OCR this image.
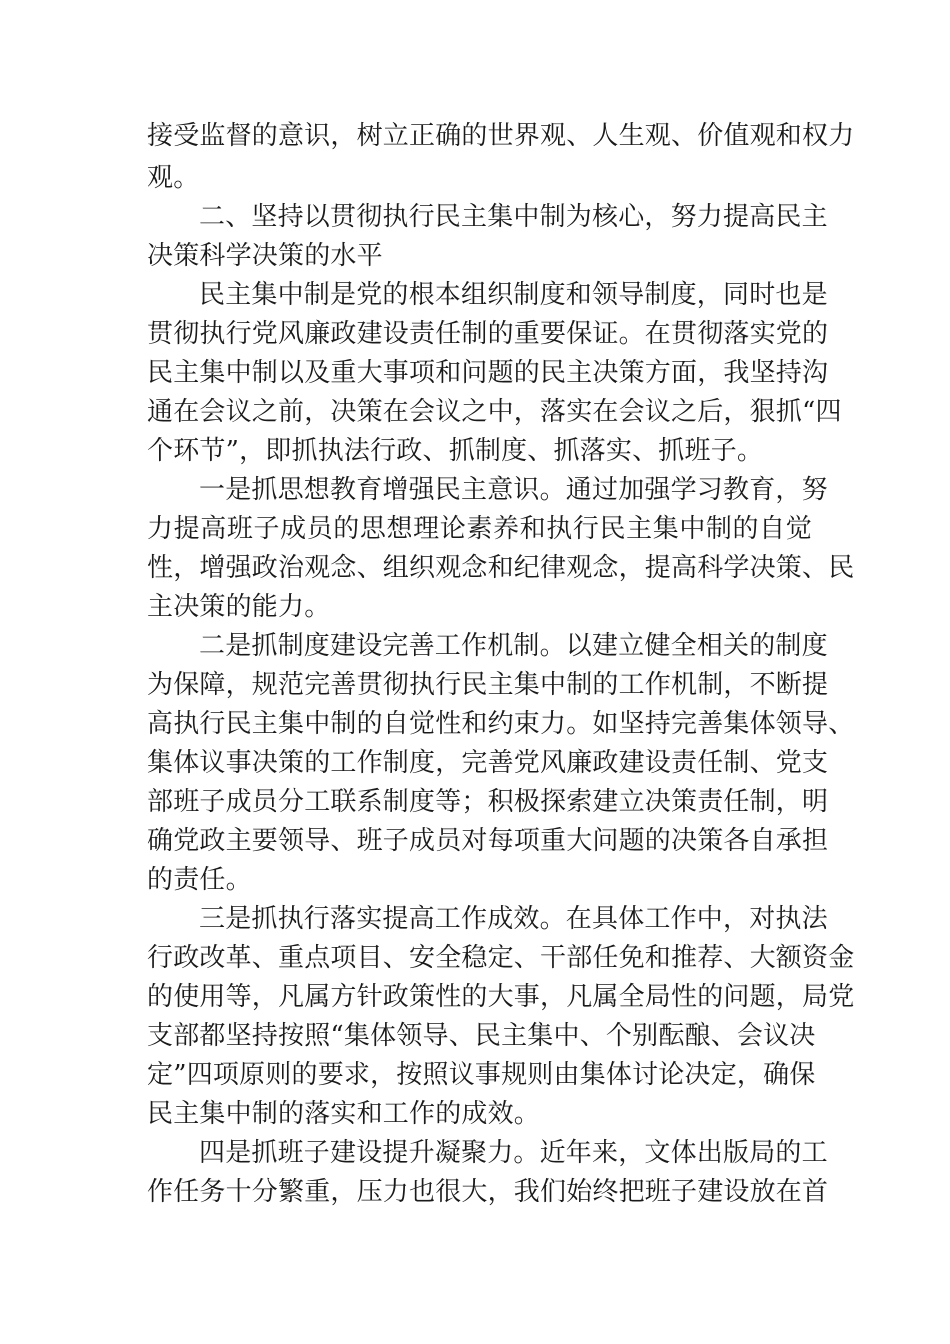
接受监督的意识，树立正确的世界观、人生观、价值观和权力
观。
二、坚持以贯彻执行民主集中制为核心，努力提高民主
决策科学决策的水平
民主集中制是党的根本组织制度和领导制度，同时也是
贯彻执行党风廉政建设责任制的重要保证。在贯彻落实党的
民主集中制以及重大事项和问题的民主决策方面，我坚持沟
通在会议之前，决策在会议之中，落实在会议之后，狠抓“四
个环节”，即抓执法行政、抓制度、抓落实、抓班子。
一是抓思想教育增强民主意识。通过加强学习教育，努
力提高班子成员的思想理论素养和执行民主集中制的自觉
性，增强政治观念、组织观念和纪律观念，提高科学决策、民
主决策的能力。
二是抓制度建设完善工作机制。以建立健全相关的制度
为保障，规范完善贯彻执行民主集中制的工作机制，不断提
高执行民主集中制的自觉性和约束力。如坚持完善集体领导、
集体议事决策的工作制度，完善党风廉政建设责任制、党支
部班子成员分工联系制度等；积极探索建立决策责任制，明
确党政主要领导、班子成员对每项重大问题的决策各自承担
的责任。
三是抓执行落实提高工作成效。在具体工作中，对执法
行政改革、重点项目、安全稳定、干部任免和推荐、大额资金
的使用等，凡属方针政策性的大事，凡属全局性的问题，局党
支部都坚持按照“集体领导、民主集中、个别酝酿、会议决
定”四项原则的要求，按照议事规则由集体讨论决定，确保
民主集中制的落实和工作的成效。
四是抓班子建设提升凝聚力。近年来，文体出版局的工
作任务十分繁重，压力也很大，我们始终把班子建设放在首
